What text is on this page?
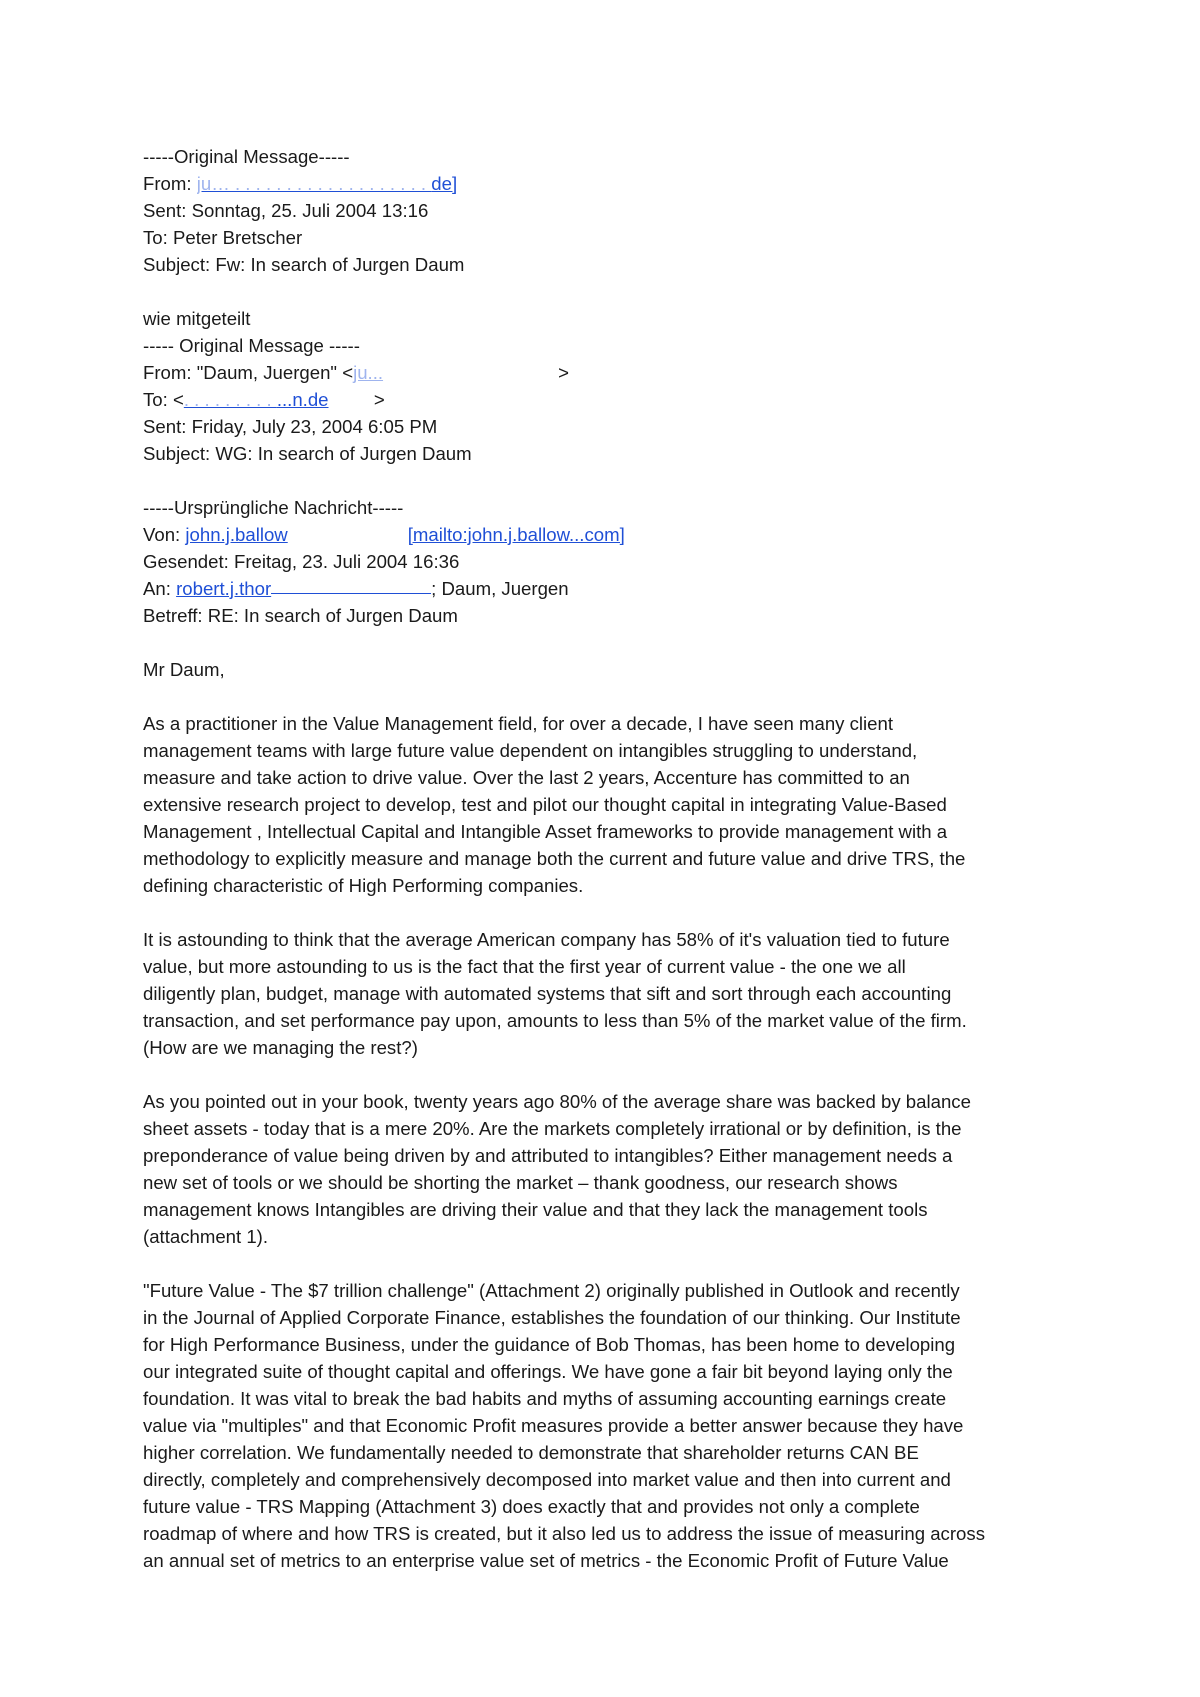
-----Original Message-----
From: ju… . . . . . . . . . . . . . . . . . . . de]
Sent: Sonntag, 25. Juli 2004 13:16
To: Peter Bretscher
Subject: Fw: In search of Jurgen Daum
wie mitgeteilt
----- Original Message -----
From: "Daum, Juergen" <ju...	>
To: <. . . . . . . . . ...n.de >
Sent: Friday, July 23, 2004 6:05 PM
Subject: WG: In search of Jurgen Daum
-----Ursprüngliche Nachricht-----
Von: john.j.ballow	[mailto:john.j.ballow...com]
Gesendet: Freitag, 23. Juli 2004 16:36
An: robert.j.thor	; Daum, Juergen
Betreff: RE: In search of Jurgen Daum
Mr Daum,
As a practitioner in the Value Management field, for over a decade, I have seen many client
management teams with large future value dependent on intangibles struggling to understand,
measure and take action to drive value. Over the last 2 years, Accenture has committed to an
extensive research project to develop, test and pilot our thought capital in integrating Value-Based
Management , Intellectual Capital and Intangible Asset frameworks to provide management with a
methodology to explicitly measure and manage both the current and future value and drive TRS, the
defining characteristic of High Performing companies.
It is astounding to think that the average American company has 58% of it's valuation tied to future
value, but more astounding to us is the fact that the first year of current value - the one we all
diligently plan, budget, manage with automated systems that sift and sort through each accounting
transaction, and set performance pay upon, amounts to less than 5% of the market value of the firm.
(How are we managing the rest?)
As you pointed out in your book, twenty years ago 80% of the average share was backed by balance
sheet assets - today that is a mere 20%. Are the markets completely irrational or by definition, is the
preponderance of value being driven by and attributed to intangibles? Either management needs a
new set of tools or we should be shorting the market – thank goodness, our research shows
management knows Intangibles are driving their value and that they lack the management tools
(attachment 1).
"Future Value - The $7 trillion challenge" (Attachment 2) originally published in Outlook and recently
in the Journal of Applied Corporate Finance, establishes the foundation of our thinking. Our Institute
for High Performance Business, under the guidance of Bob Thomas, has been home to developing
our integrated suite of thought capital and offerings. We have gone a fair bit beyond laying only the
foundation. It was vital to break the bad habits and myths of assuming accounting earnings create
value via "multiples" and that Economic Profit measures provide a better answer because they have
higher correlation. We fundamentally needed to demonstrate that shareholder returns CAN BE
directly, completely and comprehensively decomposed into market value and then into current and
future value - TRS Mapping (Attachment 3) does exactly that and provides not only a complete
roadmap of where and how TRS is created, but it also led us to address the issue of measuring across
an annual set of metrics to an enterprise value set of metrics - the Economic Profit of Future Value
